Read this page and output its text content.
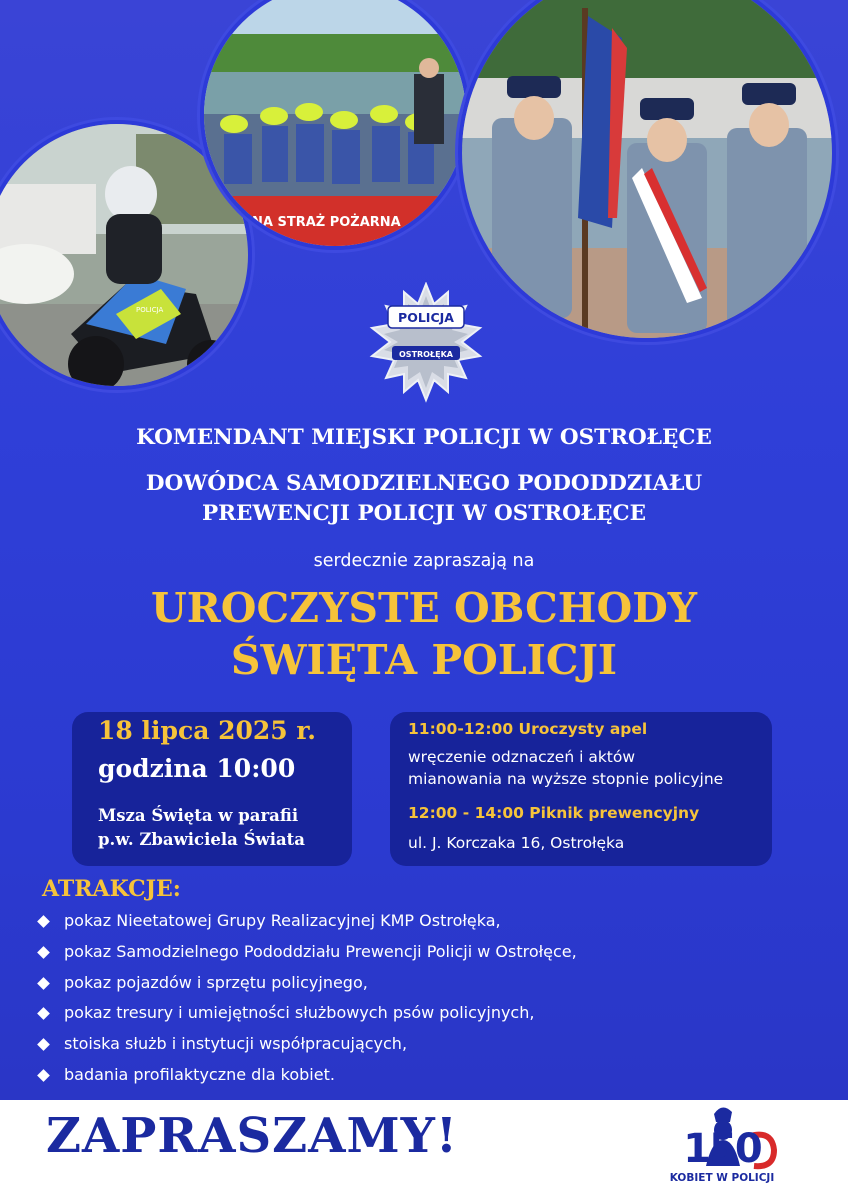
POLICJA
NA STRAŻ POŻARNA
POLICJA
OSTROŁĘKA
KOMENDANT MIEJSKI POLICJI W OSTROŁĘCE
DOWÓDCA SAMODZIELNEGO PODODDZIAŁU
PREWENCJI POLICJI W OSTROŁĘCE
serdecznie zapraszają na
UROCZYSTE OBCHODY
ŚWIĘTA POLICJI
18 lipca 2025 r.
godzina 10:00
Msza Święta w parafii
p.w. Zbawiciela Świata
11:00-12:00 Uroczysty apel
wręczenie odznaczeń i aktów
mianowania na wyższe stopnie policyjne
12:00 - 14:00 Piknik prewencyjny
ul. J. Korczaka 16, Ostrołęka
ATRAKCJE:
pokaz Nieetatowej Grupy Realizacyjnej KMP Ostrołęka,
pokaz Samodzielnego Pododdziału Prewencji Policji w Ostrołęce,
pokaz pojazdów i sprzętu policyjnego,
pokaz tresury i umiejętności służbowych psów policyjnych,
stoiska służb i instytucji współpracujących,
badania profilaktyczne dla kobiet.
ZAPRASZAMY!	150
KOBIET W POLICJI
